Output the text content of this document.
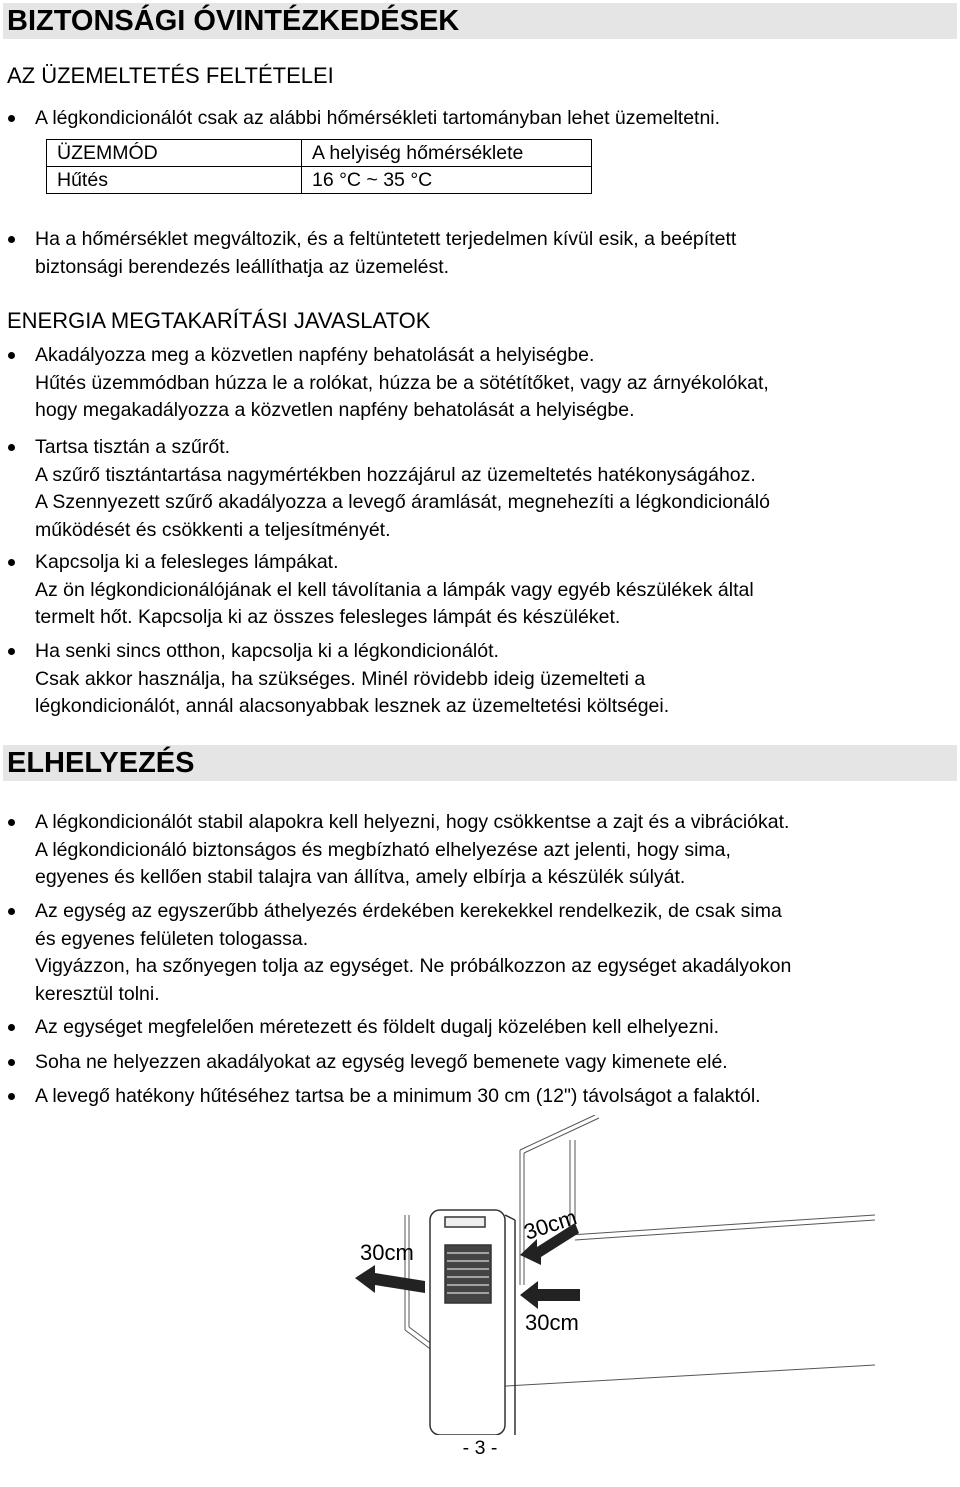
BIZTONSÁGI ÓVINTÉZKEDÉSEK
AZ ÜZEMELTETÉS FELTÉTELEI

A légkondicionálót csak az alábbi hőmérsékleti tartományban lehet üzemeltetni.

ÜZEMMÓD	A helyiség hőmérséklete
Hűtés	16 °C ~ 35 °C

Ha a hőmérséklet megváltozik, és a feltüntetett terjedelmen kívül esik, a beépített

biztonsági berendezés leállíthatja az üzemelést.

ENERGIA MEGTAKARÍTÁSI JAVASLATOK

Akadályozza meg a közvetlen napfény behatolását a helyiségbe.

Hűtés üzemmódban húzza le a rolókat, húzza be a sötétítőket, vagy az árnyékolókat,

hogy megakadályozza a közvetlen napfény behatolását a helyiségbe.

Tartsa tisztán a szűrőt.

A szűrő tisztántartása nagymértékben hozzájárul az üzemeltetés hatékonyságához.

A Szennyezett szűrő akadályozza a levegő áramlását, megnehezíti a légkondicionáló

működését és csökkenti a teljesítményét.

Kapcsolja ki a felesleges lámpákat.

Az ön légkondicionálójának el kell távolítania a lámpák vagy egyéb készülékek által

termelt hőt. Kapcsolja ki az összes felesleges lámpát és készüléket.

Ha senki sincs otthon, kapcsolja ki a légkondicionálót.

Csak akkor használja, ha szükséges. Minél rövidebb ideig üzemelteti a

légkondicionálót, annál alacsonyabbak lesznek az üzemeltetési költségei.

ELHELYEZÉS

A légkondicionálót stabil alapokra kell helyezni, hogy csökkentse a zajt és a vibrációkat.

A légkondicionáló biztonságos és megbízható elhelyezése azt jelenti, hogy sima,

egyenes és kellően stabil talajra van állítva, amely elbírja a készülék súlyát.

Az egység az egyszerűbb áthelyezés érdekében kerekekkel rendelkezik, de csak sima

és egyenes felületen tologassa.

Vigyázzon, ha szőnyegen tolja az egységet. Ne próbálkozzon az egységet akadályokon

keresztül tolni.

Az egységet megfelelően méretezett és földelt dugalj közelében kell elhelyezni.

Soha ne helyezzen akadályokat az egység levegő bemenete vagy kimenete elé.

A levegő hatékony hűtéséhez tartsa be a minimum 30 cm (12") távolságot a falaktól.

30cm
30cm
30cm
- 3 -
